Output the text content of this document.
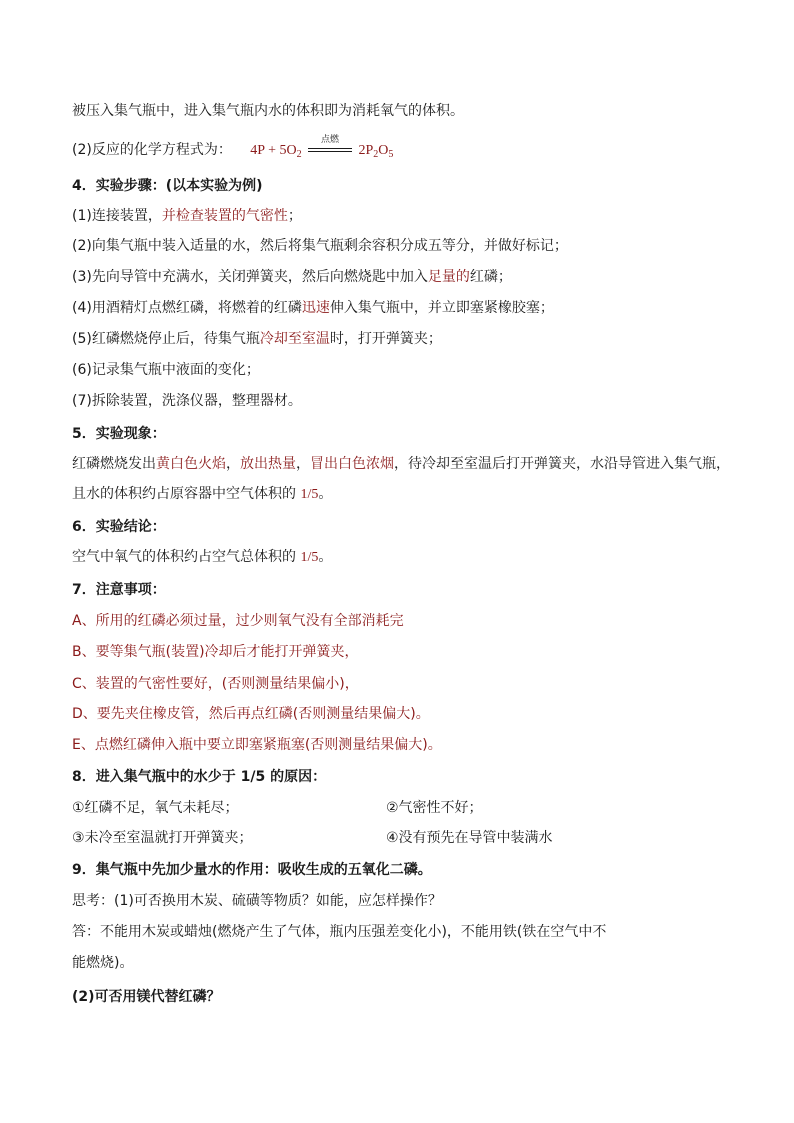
被压入集气瓶中，进入集气瓶内水的体积即为消耗氧气的体积。
(2)反应的化学方程式为： $4P + 5O_2$
点燃
$2P_2O_5$
4．实验步骤：(以本实验为例)
(1)连接装置，并检查装置的气密性；
(2)向集气瓶中装入适量的水，然后将集气瓶剩余容积分成五等分，并做好标记；
(3)先向导管中充满水，关闭弹簧夹，然后向燃烧匙中加入足量的红磷；
(4)用酒精灯点燃红磷，将燃着的红磷迅速伸入集气瓶中，并立即塞紧橡胶塞；
(5)红磷燃烧停止后，待集气瓶冷却至室温时，打开弹簧夹；
(6)记录集气瓶中液面的变化；
(7)拆除装置，洗涤仪器，整理器材。
5．实验现象：
红磷燃烧发出黄白色火焰，放出热量，冒出白色浓烟，待冷却至室温后打开弹簧夹，水沿导管进入集气瓶，
且水的体积约占原容器中空气体积的 1/5。
6．实验结论：
空气中氧气的体积约占空气总体积的 1/5。
7．注意事项：
A、所用的红磷必须过量，过少则氧气没有全部消耗完
B、要等集气瓶(装置)冷却后才能打开弹簧夹，
C、装置的气密性要好，(否则测量结果偏小)，
D、要先夹住橡皮管，然后再点红磷(否则测量结果偏大)。
E、点燃红磷伸入瓶中要立即塞紧瓶塞(否则测量结果偏大)。
8．进入集气瓶中的水少于 1/5 的原因：
①红磷不足，氧气未耗尽；	②气密性不好；
③未冷至室温就打开弹簧夹；	④没有预先在导管中装满水
9．集气瓶中先加少量水的作用：吸收生成的五氧化二磷。
思考：(1)可否换用木炭、硫磺等物质？如能，应怎样操作？
答：不能用木炭或蜡烛(燃烧产生了气体，瓶内压强差变化小)，不能用铁(铁在空气中不
能燃烧)。
(2)可否用镁代替红磷？
